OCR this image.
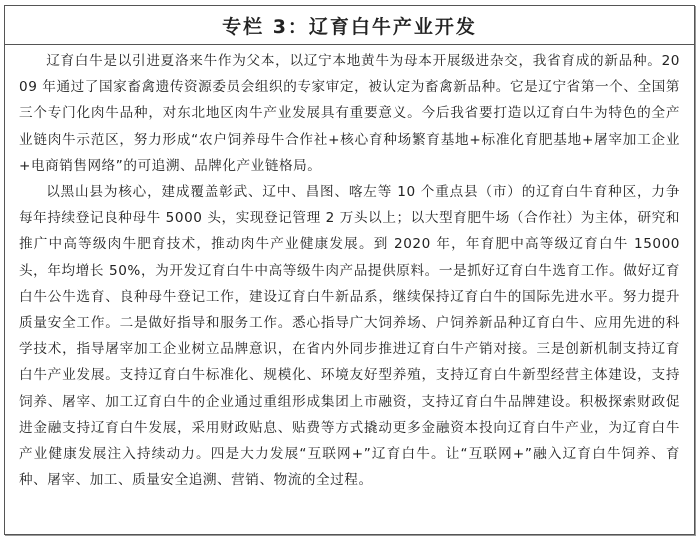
专栏 3：辽育白牛产业开发

辽育白牛是以引进夏洛来牛作为父本，以辽宁本地黄牛为母本开展级进杂交，我省育成的新品种。2009 年通过了国家畜禽遗传资源委员会组织的专家审定，被认定为畜禽新品种。它是辽宁省第一个、全国第三个专门化肉牛品种，对东北地区肉牛产业发展具有重要意义。今后我省要打造以辽育白牛为特色的全产业链肉牛示范区，努力形成“农户饲养母牛合作社+核心育种场繁育基地+标准化育肥基地+屠宰加工企业+电商销售网络”的可追溯、品牌化产业链格局。

以黑山县为核心，建成覆盖彰武、辽中、昌图、喀左等 10 个重点县（市）的辽育白牛育种区，力争每年持续登记良种母牛 5000 头，实现登记管理 2 万头以上；以大型育肥牛场（合作社）为主体，研究和推广中高等级肉牛肥育技术，推动肉牛产业健康发展。到 2020 年，年育肥中高等级辽育白牛 15000 头，年均增长 50%，为开发辽育白牛中高等级牛肉产品提供原料。一是抓好辽育白牛选育工作。做好辽育白牛公牛选育、良种母牛登记工作，建设辽育白牛新品系，继续保持辽育白牛的国际先进水平。努力提升质量安全工作。二是做好指导和服务工作。悉心指导广大饲养场、户饲养新品种辽育白牛、应用先进的科学技术，指导屠宰加工企业树立品牌意识，在省内外同步推进辽育白牛产销对接。三是创新机制支持辽育白牛产业发展。支持辽育白牛标准化、规模化、环境友好型养殖，支持辽育白牛新型经营主体建设，支持饲养、屠宰、加工辽育白牛的企业通过重组形成集团上市融资，支持辽育白牛品牌建设。积极探索财政促进金融支持辽育白牛发展，采用财政贴息、贴费等方式撬动更多金融资本投向辽育白牛产业，为辽育白牛产业健康发展注入持续动力。四是大力发展“互联网+”辽育白牛。让“互联网+”融入辽育白牛饲养、育种、屠宰、加工、质量安全追溯、营销、物流的全过程。
